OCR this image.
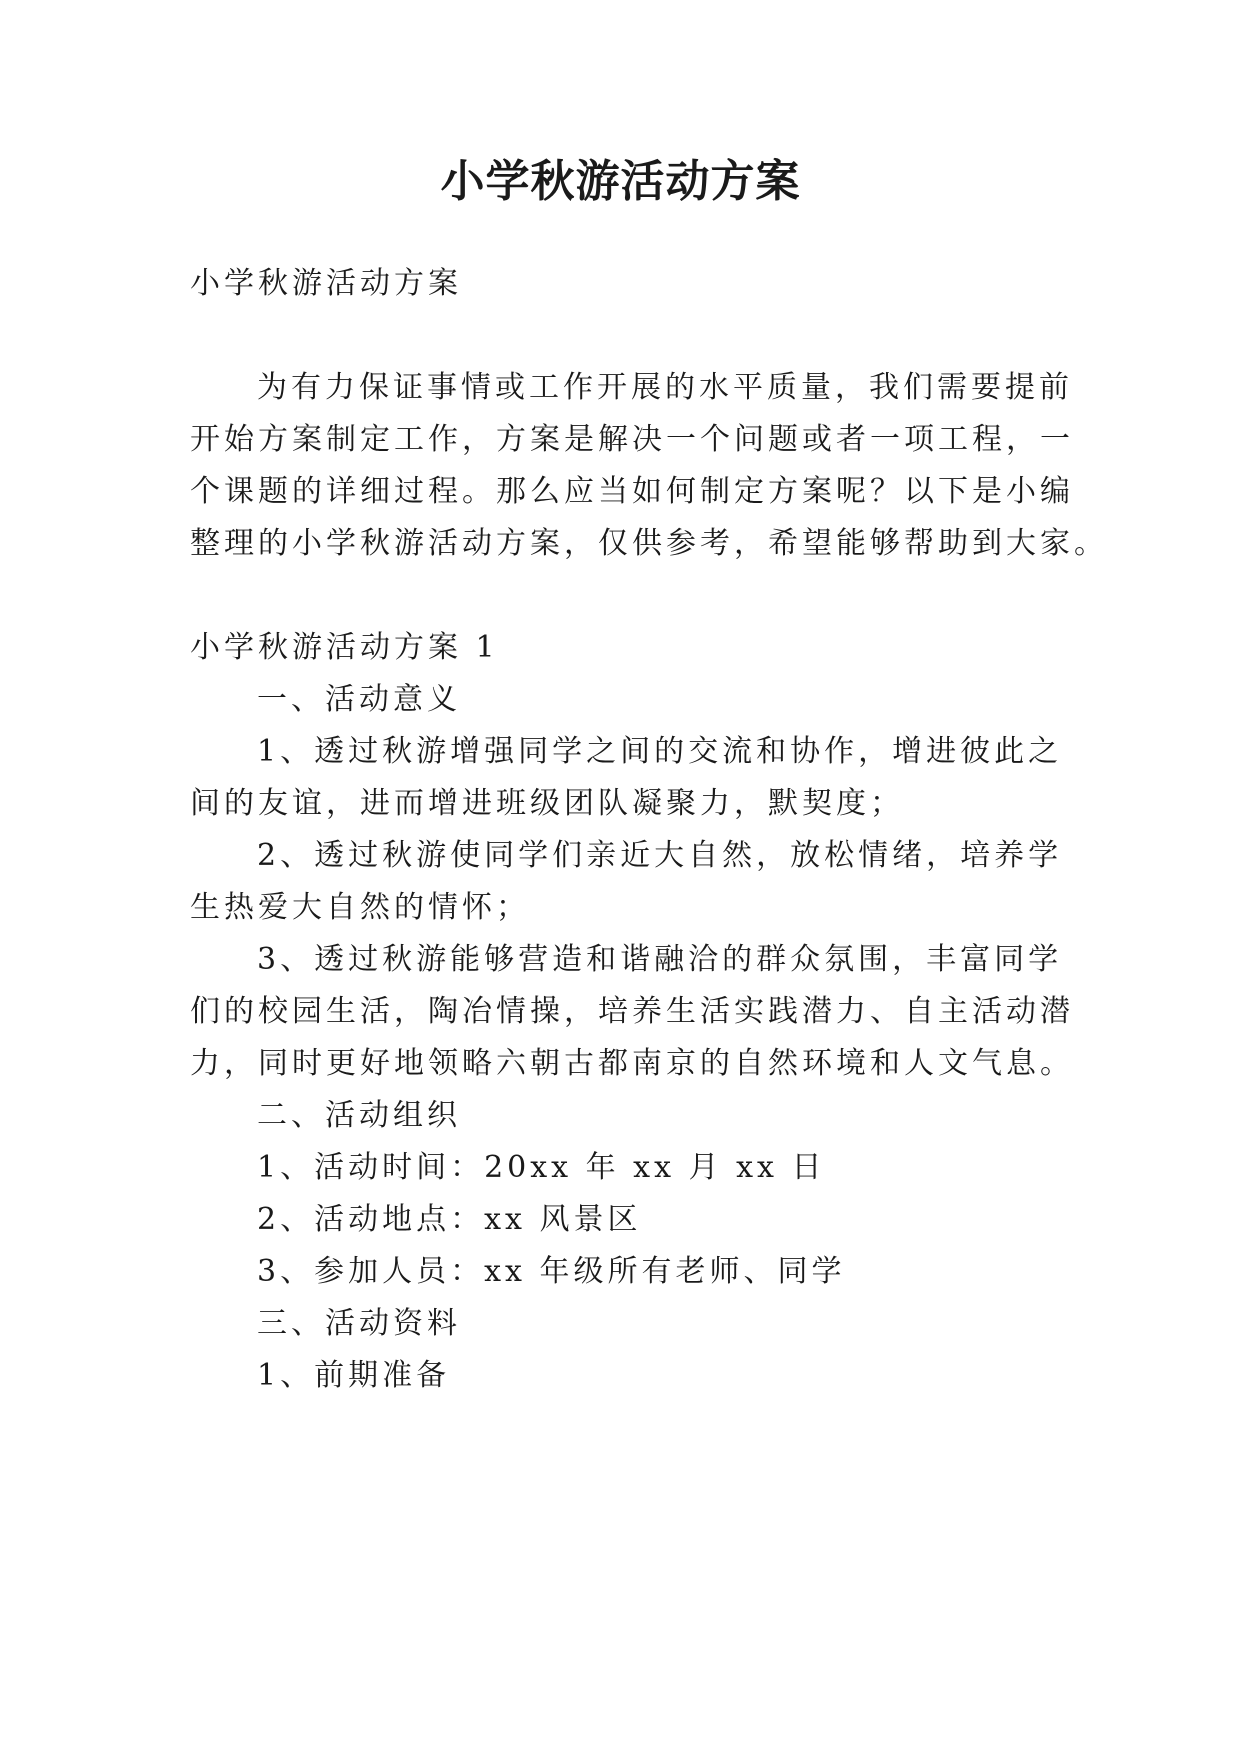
小学秋游活动方案

小学秋游活动方案

为有力保证事情或工作开展的水平质量，我们需要提前

开始方案制定工作，方案是解决一个问题或者一项工程，一

个课题的详细过程。那么应当如何制定方案呢？以下是小编

整理的小学秋游活动方案，仅供参考，希望能够帮助到大家。

小学秋游活动方案 1

一、活动意义

1、透过秋游增强同学之间的交流和协作，增进彼此之

间的友谊，进而增进班级团队凝聚力，默契度；

2、透过秋游使同学们亲近大自然，放松情绪，培养学

生热爱大自然的情怀；

3、透过秋游能够营造和谐融洽的群众氛围，丰富同学

们的校园生活，陶冶情操，培养生活实践潜力、自主活动潜

力，同时更好地领略六朝古都南京的自然环境和人文气息。

二、活动组织

1、活动时间：20xx 年 xx 月 xx 日

2、活动地点：xx 风景区

3、参加人员：xx 年级所有老师、同学

三、活动资料

1、前期准备
